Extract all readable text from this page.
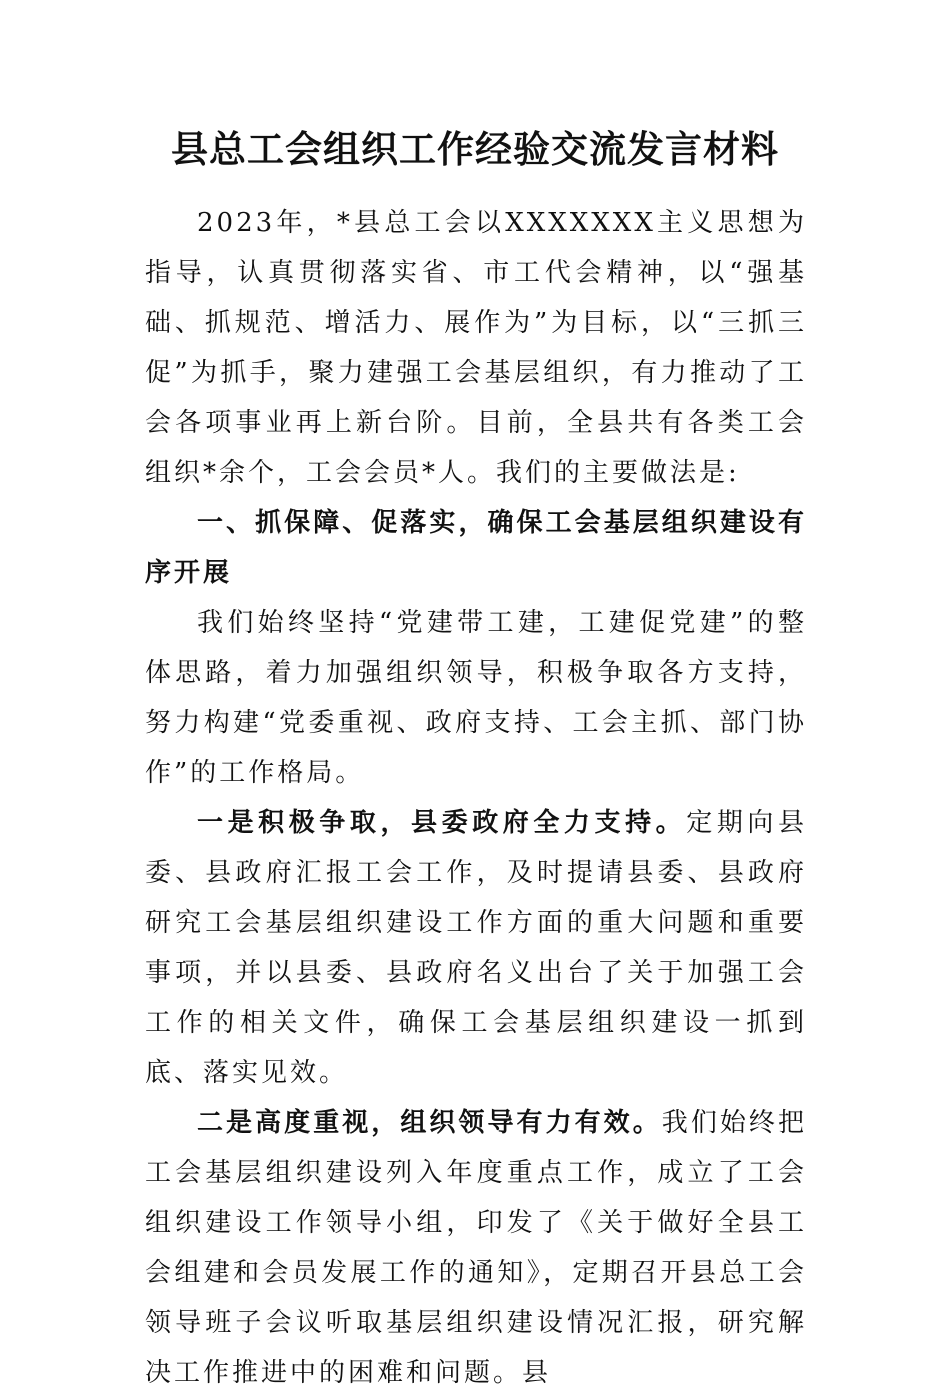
县总工会组织工作经验交流发言材料

2023年，*县总工会以XXXXXXX主义思想为指导，认真贯彻落实省、市工代会精神，以“强基础、抓规范、增活力、展作为”为目标，以“三抓三促”为抓手，聚力建强工会基层组织，有力推动了工会各项事业再上新台阶。目前，全县共有各类工会组织*余个，工会会员*人。我们的主要做法是:

一、抓保障、促落实，确保工会基层组织建设有序开展

我们始终坚持“党建带工建，工建促党建”的整体思路，着力加强组织领导，积极争取各方支持，努力构建“党委重视、政府支持、工会主抓、部门协作”的工作格局。

一是积极争取，县委政府全力支持。定期向县委、县政府汇报工会工作，及时提请县委、县政府研究工会基层组织建设工作方面的重大问题和重要事项，并以县委、县政府名义出台了关于加强工会工作的相关文件，确保工会基层组织建设一抓到底、落实见效。

二是高度重视，组织领导有力有效。我们始终把工会基层组织建设列入年度重点工作，成立了工会组织建设工作领导小组，印发了《关于做好全县工会组建和会员发展工作的通知》，定期召开县总工会领导班子会议听取基层组织建设情况汇报，研究解决工作推进中的困难和问题。县
